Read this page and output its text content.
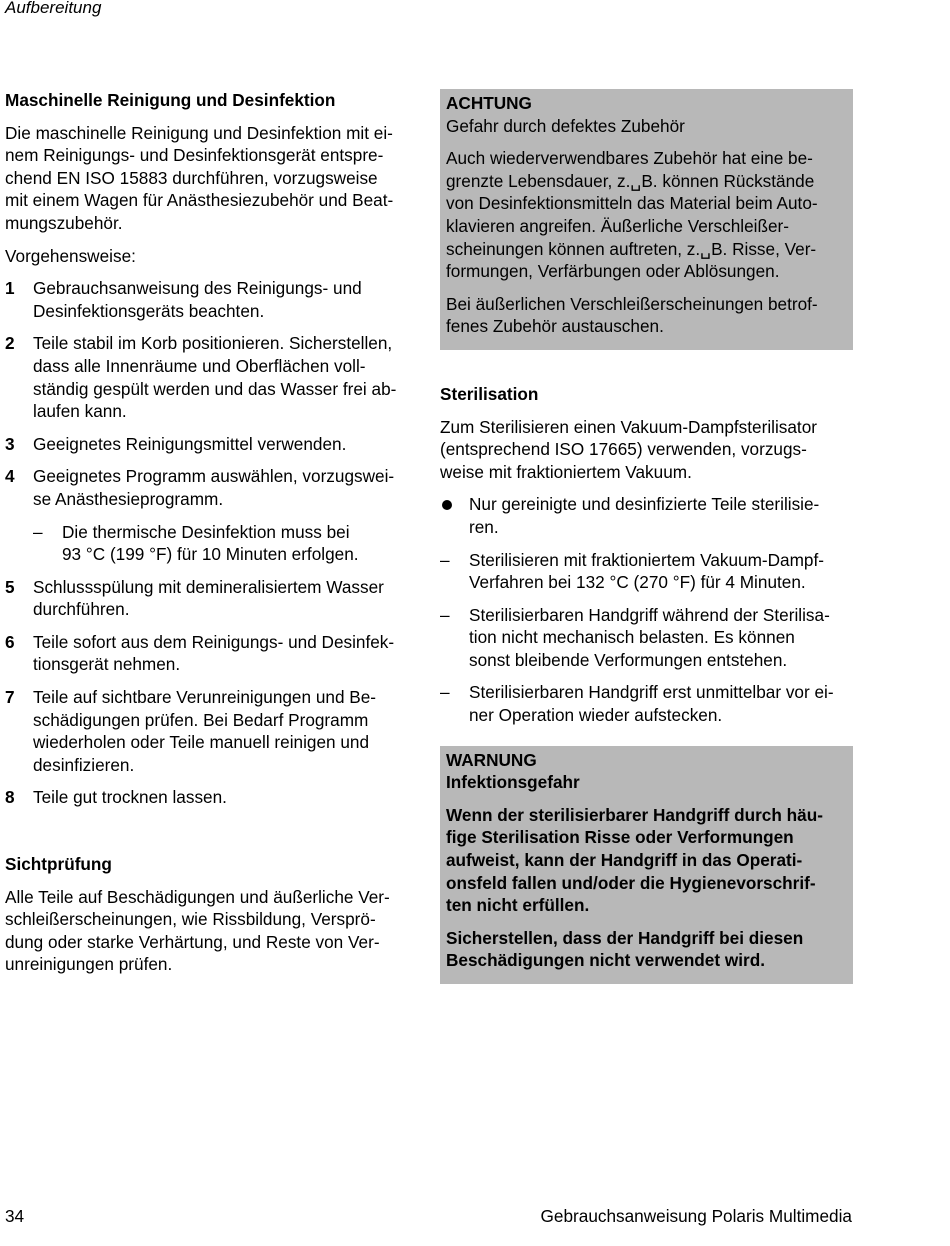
Aufbereitung
Maschinelle Reinigung und Desinfektion

Die maschinelle Reinigung und Desinfektion mit ei-
nem Reinigungs- und Desinfektionsgerät entspre-
chend EN ISO 15883 durchführen, vorzugsweise
mit einem Wagen für Anästhesiezubehör und Beat-
mungszubehör.

Vorgehensweise:

1 Gebrauchsanweisung des Reinigungs- und
Desinfektionsgeräts beachten.
2 Teile stabil im Korb positionieren. Sicherstellen,
dass alle Innenräume und Oberflächen voll-
ständig gespült werden und das Wasser frei ab-
laufen kann.
3 Geeignetes Reinigungsmittel verwenden.
4 Geeignetes Programm auswählen, vorzugswei-
se Anästhesieprogramm.
– Die thermische Desinfektion muss bei
93 °C (199 °F) für 10 Minuten erfolgen.
5 Schlussspülung mit demineralisiertem Wasser
durchführen.
6 Teile sofort aus dem Reinigungs- und Desinfek-
tionsgerät nehmen.
7 Teile auf sichtbare Verunreinigungen und Be-
schädigungen prüfen. Bei Bedarf Programm
wiederholen oder Teile manuell reinigen und
desinfizieren.
8 Teile gut trocknen lassen.
Sichtprüfung

Alle Teile auf Beschädigungen und äußerliche Ver-
schleißerscheinungen, wie Rissbildung, Versprö-
dung oder starke Verhärtung, und Reste von Ver-
unreinigungen prüfen.

ACHTUNG

Gefahr durch defektes Zubehör

Auch wiederverwendbares Zubehör hat eine be-
grenzte Lebensdauer, z.␣B. können Rückstände
von Desinfektionsmitteln das Material beim Auto-
klavieren angreifen. Äußerliche Verschleißer-
scheinungen können auftreten, z.␣B. Risse, Ver-
formungen, Verfärbungen oder Ablösungen.

Bei äußerlichen Verschleißerscheinungen betrof-
fenes Zubehör austauschen.

Sterilisation

Zum Sterilisieren einen Vakuum-Dampfsterilisator
(entsprechend ISO 17665) verwenden, vorzugs-
weise mit fraktioniertem Vakuum.

Nur gereinigte und desinfizierte Teile sterilisie-
ren.
– Sterilisieren mit fraktioniertem Vakuum-Dampf-
Verfahren bei 132 °C (270 °F) für 4 Minuten.
– Sterilisierbaren Handgriff während der Sterilisa-
tion nicht mechanisch belasten. Es können
sonst bleibende Verformungen entstehen.
– Sterilisierbaren Handgriff erst unmittelbar vor ei-
ner Operation wieder aufstecken.

WARNUNG

Infektionsgefahr

Wenn der sterilisierbarer Handgriff durch häu-
fige Sterilisation Risse oder Verformungen
aufweist, kann der Handgriff in das Operati-
onsfeld fallen und/oder die Hygienevorschrif-
ten nicht erfüllen.

Sicherstellen, dass der Handgriff bei diesen
Beschädigungen nicht verwendet wird.

34	Gebrauchsanweisung Polaris Multimedia
